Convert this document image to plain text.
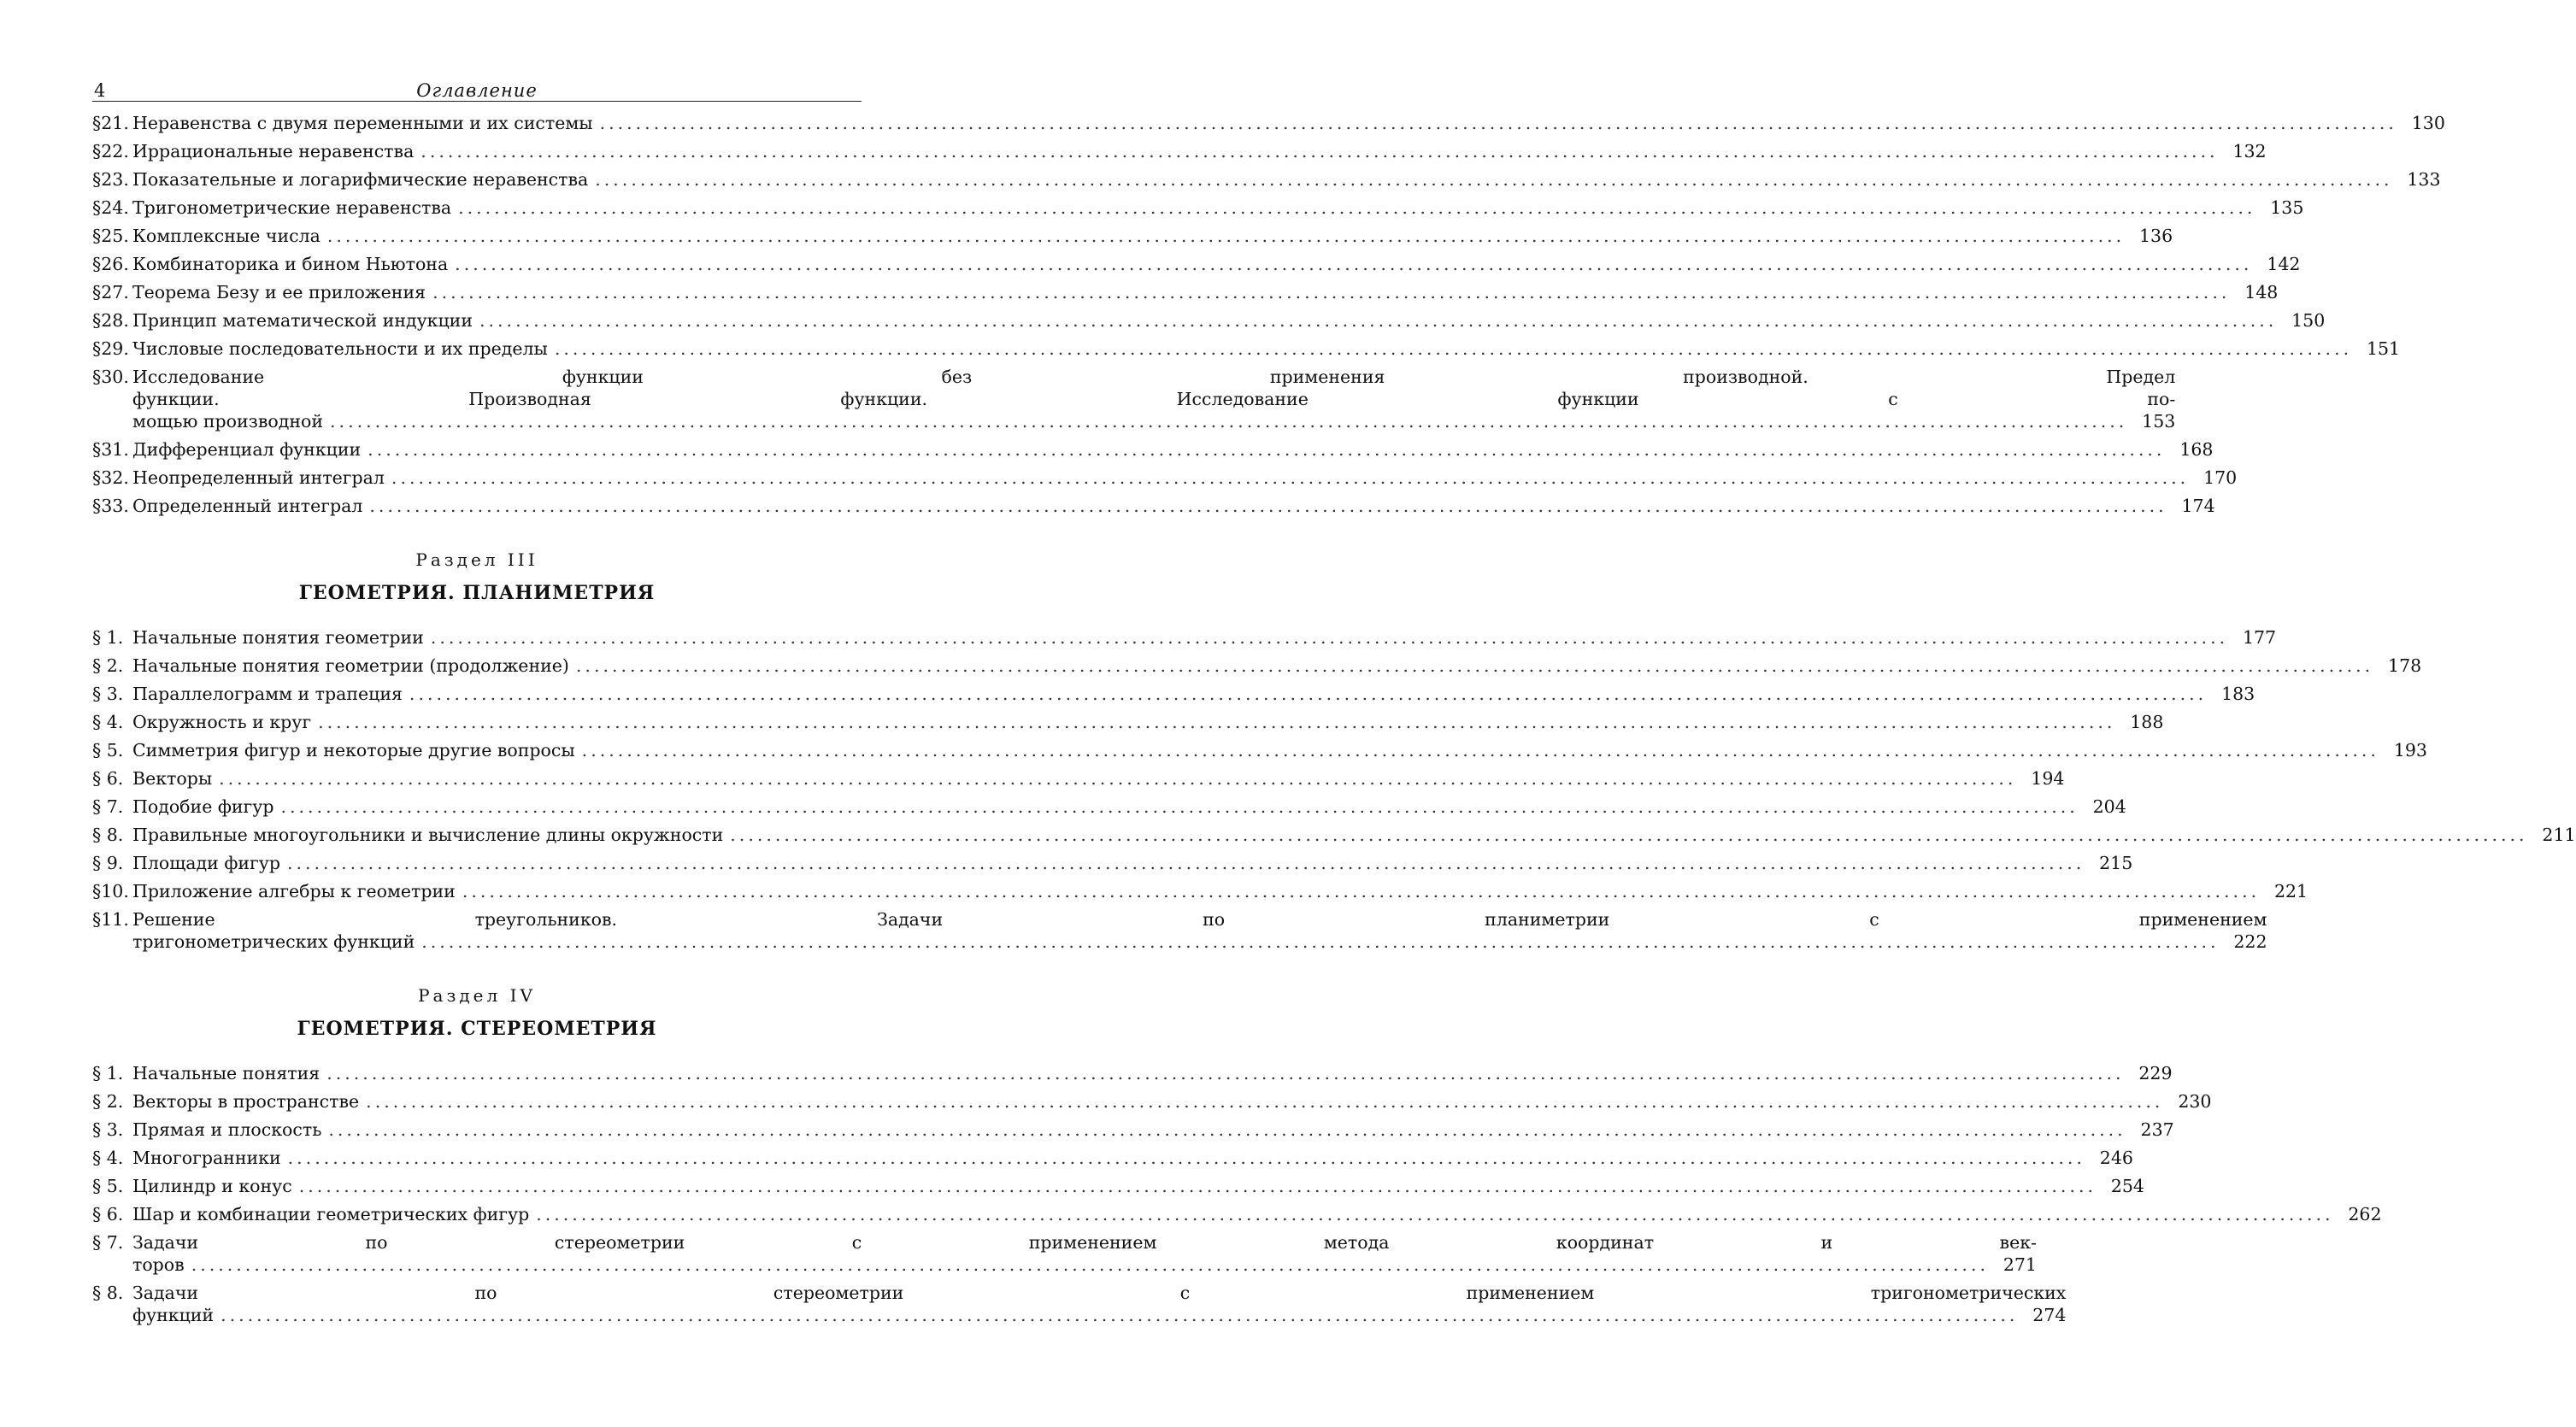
4	Оглавление
§21. Неравенства с двумя переменными и их системы ........................................................................................................................................................................................................ 130
§22. Иррациональные неравенства ........................................................................................................................................................................................................ 132
§23. Показательные и логарифмические неравенства ........................................................................................................................................................................................................ 133
§24. Тригонометрические неравенства ........................................................................................................................................................................................................ 135
§25. Комплексные числа ........................................................................................................................................................................................................ 136
§26. Комбинаторика и бином Ньютона ........................................................................................................................................................................................................ 142
§27. Теорема Безу и ее приложения ........................................................................................................................................................................................................ 148
§28. Принцип математической индукции ........................................................................................................................................................................................................ 150
§29. Числовые последовательности и их пределы ........................................................................................................................................................................................................ 151
§30. Исследование функции без применения производной. Предел
функции. Производная функции. Исследование функции с по-
мощью производной ........................................................................................................................................................................................................ 153
§31. Дифференциал функции ........................................................................................................................................................................................................ 168
§32. Неопределенный интеграл ........................................................................................................................................................................................................ 170
§33. Определенный интеграл ........................................................................................................................................................................................................ 174
Раздел III
ГЕОМЕТРИЯ. ПЛАНИМЕТРИЯ
§ 1. Начальные понятия геометрии ........................................................................................................................................................................................................ 177
§ 2. Начальные понятия геометрии (продолжение) ........................................................................................................................................................................................................ 178
§ 3. Параллелограмм и трапеция ........................................................................................................................................................................................................ 183
§ 4. Окружность и круг ........................................................................................................................................................................................................ 188
§ 5. Симметрия фигур и некоторые другие вопросы ........................................................................................................................................................................................................ 193
§ 6. Векторы ........................................................................................................................................................................................................ 194
§ 7. Подобие фигур ........................................................................................................................................................................................................ 204
§ 8. Правильные многоугольники и вычисление длины окружности ........................................................................................................................................................................................................ 211
§ 9. Площади фигур ........................................................................................................................................................................................................ 215
§10. Приложение алгебры к геометрии ........................................................................................................................................................................................................ 221
§11. Решение треугольников. Задачи по планиметрии с применением
тригонометрических функций ........................................................................................................................................................................................................ 222
Раздел IV
ГЕОМЕТРИЯ. СТЕРЕОМЕТРИЯ
§ 1. Начальные понятия ........................................................................................................................................................................................................ 229
§ 2. Векторы в пространстве ........................................................................................................................................................................................................ 230
§ 3. Прямая и плоскость ........................................................................................................................................................................................................ 237
§ 4. Многогранники ........................................................................................................................................................................................................ 246
§ 5. Цилиндр и конус ........................................................................................................................................................................................................ 254
§ 6. Шар и комбинации геометрических фигур ........................................................................................................................................................................................................ 262
§ 7. Задачи по стереометрии с применением метода координат и век-
торов ........................................................................................................................................................................................................ 271
§ 8. Задачи по стереометрии с применением тригонометрических
функций ........................................................................................................................................................................................................ 274
